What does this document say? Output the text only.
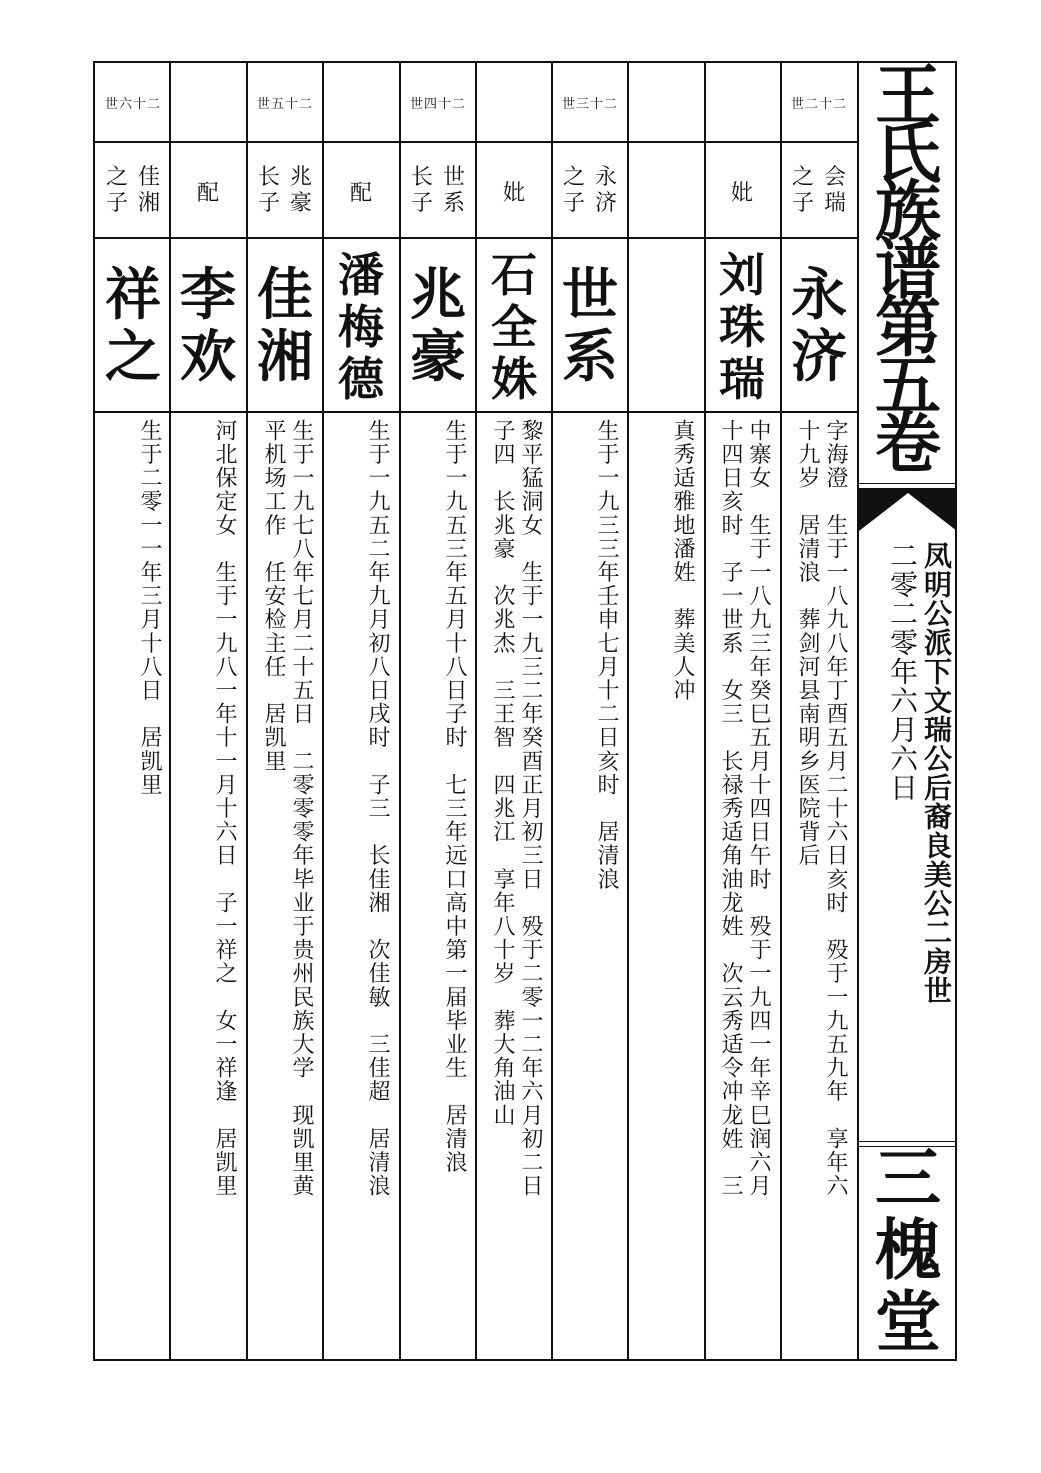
世二十二
会瑞
之子
永济
字海澄　生于一八九八年丁酉五月二十六日亥时　殁于一九五九年　享年六
十九岁　居清浪　葬剑河县南明乡医院背后
妣
刘珠瑞
中寨女　生于一八九三年癸巳五月十四日午时　殁于一九四一年辛巳润六月
十四日亥时　子一世系　女三　长禄秀适角油龙姓　次云秀适令冲龙姓　三
真秀适雅地潘姓　葬美人冲
世三十二
永济
之子
世系
生于一九三三年壬申七月十二日亥时　居清浪
妣
石全姝
黎平猛洞女　生于一九三二年癸酉正月初三日　殁于二零一二年六月初二日
子四　长兆豪　次兆杰　三王智　四兆江　享年八十岁　葬大角油山
世四十二
世系
长子
兆豪
生于一九五三年五月十八日子时　七三年远口高中第一届毕业生　居清浪
配
潘梅德
生于一九五二年九月初八日戌时　子三　长佳湘　次佳敏　三佳超　居清浪
世五十二
兆豪
长子
佳湘
生于一九七八年七月二十五日　二零零零年毕业于贵州民族大学　现凯里黄
平机场工作　任安检主任　居凯里
配
李欢
河北保定女　生于一九八一年十一月十六日　子一祥之　女一祥逢　居凯里
世六十二
佳湘
之子
祥之
生于二零一一年三月十八日　居凯里
王氏族谱第五卷
凤明公派下文瑞公后裔良美公二房世
二零二零年六月六日
三槐堂
